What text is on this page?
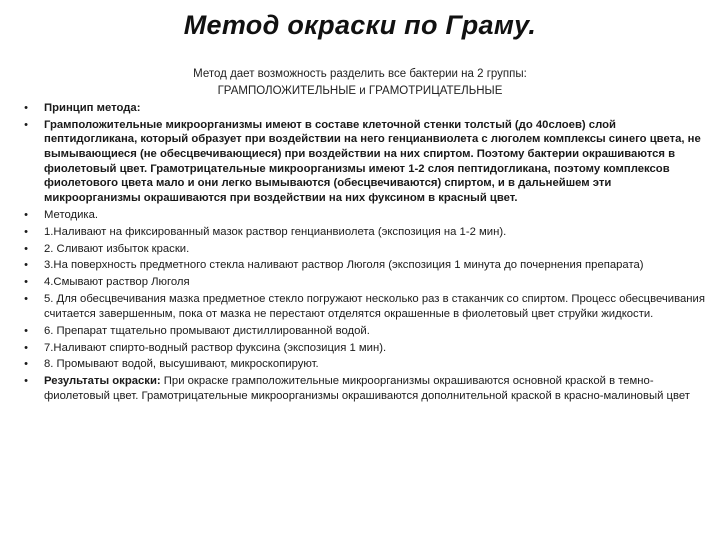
Метод окраски по Граму.
Метод дает возможность разделить все бактерии на 2 группы:
ГРАМПОЛОЖИТЕЛЬНЫЕ и ГРАМОТРИЦАТЕЛЬНЫЕ
•	Принцип метода:
•	Грамположительные микроорганизмы имеют в составе клеточной стенки толстый (до 40слоев) слой пептидогликана, который образует при воздействии на него генцианвиолета с люголем комплексы синего цвета, не вымывающиеся (не обесцвечивающиеся) при воздействии на них спиртом. Поэтому бактерии окрашиваются в фиолетовый цвет. Грамотрицательные микроорганизмы имеют 1-2 слоя пептидогликана, поэтому комплексов фиолетового цвета мало и они легко вымываются (обесцвечиваются) спиртом, и в дальнейшем эти микроорганизмы окрашиваются при воздействии на них фуксином в красный цвет.
•	Методика.
•	1.Наливают на фиксированный мазок раствор генцианвиолета (экспозиция на 1-2 мин).
•	2. Сливают избыток краски.
•	3.На поверхность предметного стекла наливают раствор Люголя (экспозиция 1 минута до почернения препарата)
•	4.Смывают раствор Люголя
•	5. Для обесцвечивания мазка предметное стекло погружают несколько раз в стаканчик со спиртом. Процесс обесцвечивания считается завершенным, пока от мазка не перестают отделятся окрашенные в фиолетовый цвет струйки жидкости.
•	6. Препарат тщательно промывают дистиллированной водой.
•	7.Наливают спирто-водный раствор фуксина (экспозиция 1 мин).
•	8. Промывают водой, высушивают, микроскопируют.
•	Результаты окраски: При окраске грамположительные микроорганизмы окрашиваются основной краской в темно-фиолетовый цвет. Грамотрицательные микроорганизмы окрашиваются дополнительной краской в красно-малиновый цвет
